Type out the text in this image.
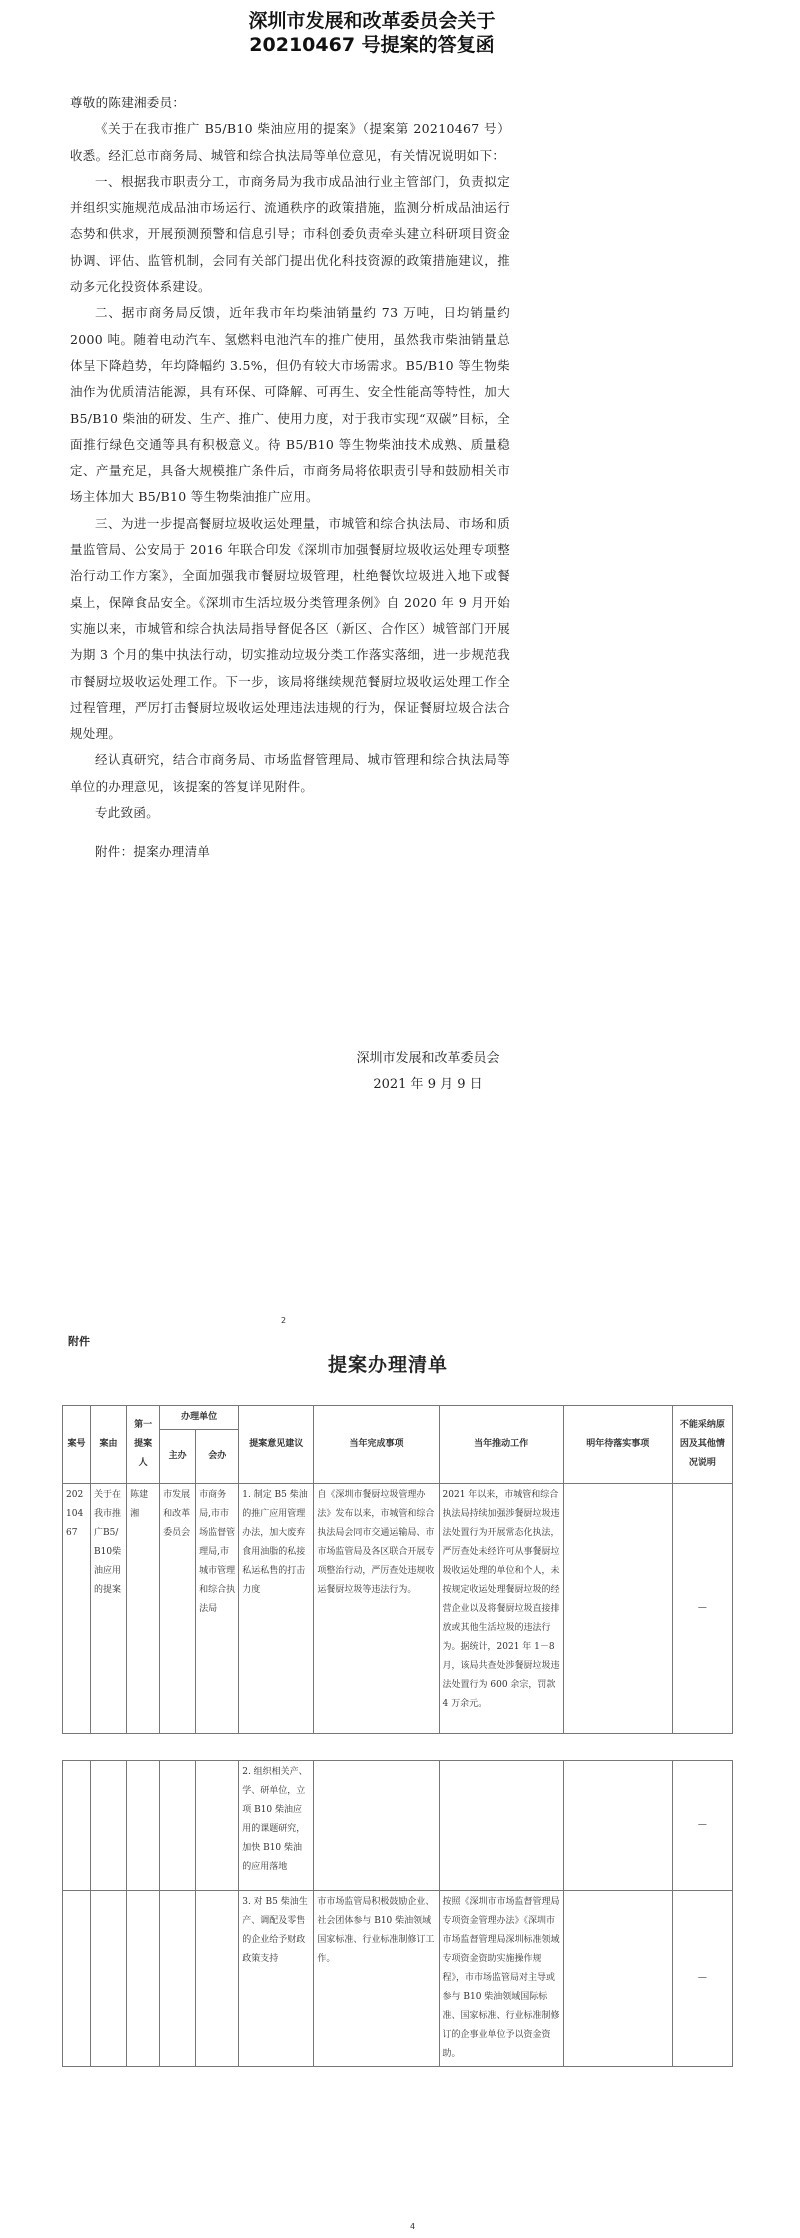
深圳市发展和改革委员会关于
20210467 号提案的答复函

尊敬的陈建湘委员：

《关于在我市推广 B5/B10 柴油应用的提案》（提案第 20210467 号）收悉。经汇总市商务局、城管和综合执法局等单位意见，有关情况说明如下：

一、根据我市职责分工，市商务局为我市成品油行业主管部门，负责拟定并组织实施规范成品油市场运行、流通秩序的政策措施，监测分析成品油运行态势和供求，开展预测预警和信息引导；市科创委负责牵头建立科研项目资金协调、评估、监管机制，会同有关部门提出优化科技资源的政策措施建议，推动多元化投资体系建设。

二、据市商务局反馈，近年我市年均柴油销量约 73 万吨，日均销量约 2000 吨。随着电动汽车、氢燃料电池汽车的推广使用，虽然我市柴油销量总体呈下降趋势，年均降幅约 3.5%，但仍有较大市场需求。B5/B10 等生物柴油作为优质清洁能源，具有环保、可降解、可再生、安全性能高等特性，加大 B5/B10 柴油的研发、生产、推广、使用力度，对于我市实现“双碳”目标，全面推行绿色交通等具有积极意义。待 B5/B10 等生物柴油技术成熟、质量稳定、产量充足，具备大规模推广条件后，市商务局将依职责引导和鼓励相关市场主体加大 B5/B10 等生物柴油推广应用。

三、为进一步提高餐厨垃圾收运处理量，市城管和综合执法局、市场和质量监管局、公安局于 2016 年联合印发《深圳市加强餐厨垃圾收运处理专项整治行动工作方案》，全面加强我市餐厨垃圾管理，杜绝餐饮垃圾进入地下或餐桌上，保障食品安全。《深圳市生活垃圾分类管理条例》自 2020 年 9 月开始实施以来，市城管和综合执法局指导督促各区（新区、合作区）城管部门开展为期 3 个月的集中执法行动，切实推动垃圾分类工作落实落细，进一步规范我市餐厨垃圾收运处理工作。下一步，该局将继续规范餐厨垃圾收运处理工作全过程管理，严厉打击餐厨垃圾收运处理违法违规的行为，保证餐厨垃圾合法合规处理。

经认真研究，结合市商务局、市场监督管理局、城市管理和综合执法局等单位的办理意见，该提案的答复详见附件。

专此致函。

附件：提案办理清单

深圳市发展和改革委员会
2021 年 9 月 9 日
2
附件
提案办理清单
案号	案由	第一提案人	办理单位		提案意见建议	当年完成事项	当年推动工作	明年待落实事项	不能采纳原因及其他情况说明
			主办	会办					
20210467	关于在我市推广B5/B10柴油应用的提案	陈建湘	市发展和改革委员会	市商务局,市市场监督管理局,市城市管理和综合执法局	1. 制定 B5 柴油的推广应用管理办法，加大废弃食用油脂的私接私运私售的打击力度	自《深圳市餐厨垃圾管理办法》发布以来，市城管和综合执法局会同市交通运输局、市市场监管局及各区联合开展专项整治行动，严厉查处违规收运餐厨垃圾等违法行为。	2021 年以来，市城管和综合执法局持续加强涉餐厨垃圾违法处置行为开展常态化执法，严厉查处未经许可从事餐厨垃圾收运处理的单位和个人，未按规定收运处理餐厨垃圾的经营企业以及将餐厨垃圾直接排放或其他生活垃圾的违法行为。据统计，2021 年 1－8 月，该局共查处涉餐厨垃圾违法处置行为 600 余宗，罚款 4 万余元。		—
					2. 组织相关产、学、研单位，立项 B10 柴油应用的课题研究，加快 B10 柴油的应用落地				—
					3. 对 B5 柴油生产、调配及零售的企业给予财政政策支持	市市场监管局积极鼓励企业、社会团体参与 B10 柴油领域国家标准、行业标准制修订工作。	按照《深圳市市场监督管理局专项资金管理办法》《深圳市市场监督管理局深圳标准领域专项资金资助实施操作规程》，市市场监管局对主导或参与 B10 柴油领域国际标准、国家标准、行业标准制修订的企事业单位予以资金资助。		—
4
